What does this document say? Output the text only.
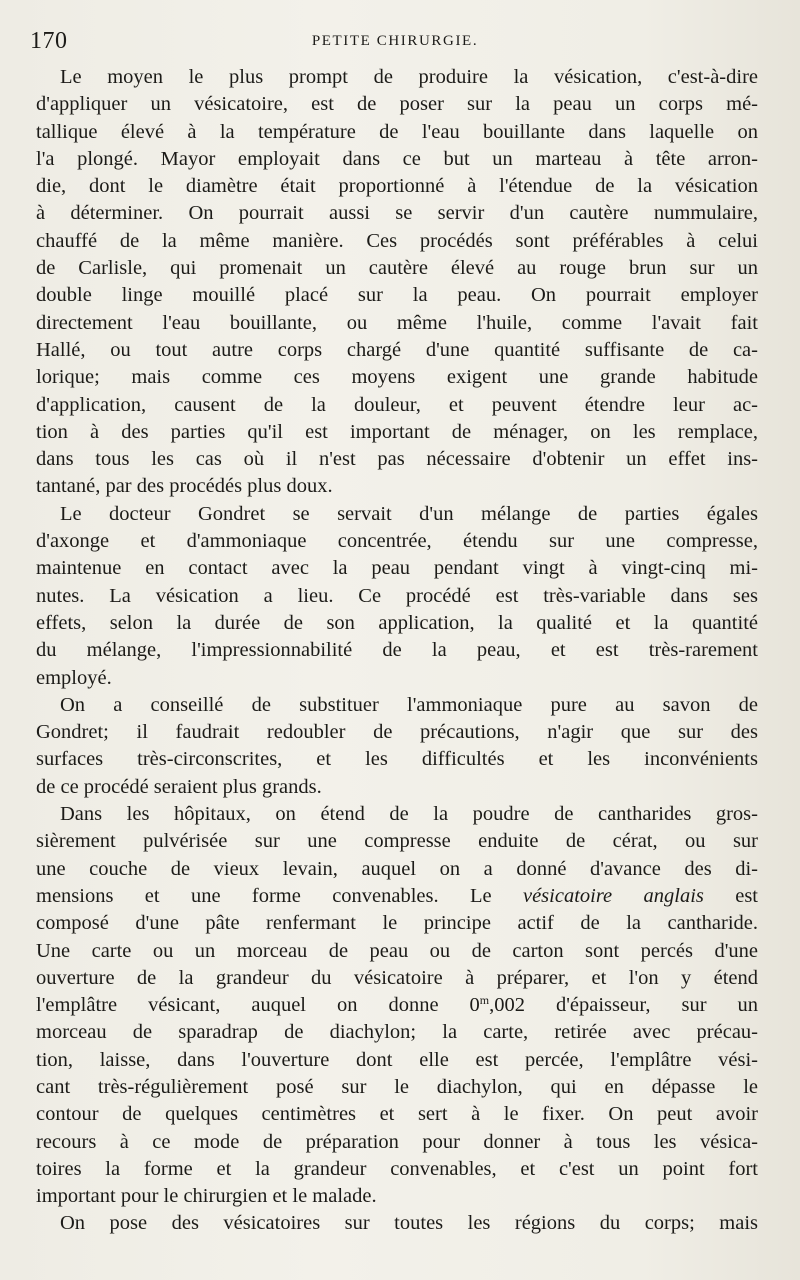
170	PETITE CHIRURGIE.
Le moyen le plus prompt de produire la vésication, c'est-à-dire
d'appliquer un vésicatoire, est de poser sur la peau un corps mé-
tallique élevé à la température de l'eau bouillante dans laquelle on
l'a plongé. Mayor employait dans ce but un marteau à tête arron-
die, dont le diamètre était proportionné à l'étendue de la vésication
à déterminer. On pourrait aussi se servir d'un cautère nummulaire,
chauffé de la même manière. Ces procédés sont préférables à celui
de Carlisle, qui promenait un cautère élevé au rouge brun sur un
double linge mouillé placé sur la peau. On pourrait employer
directement l'eau bouillante, ou même l'huile, comme l'avait fait
Hallé, ou tout autre corps chargé d'une quantité suffisante de ca-
lorique; mais comme ces moyens exigent une grande habitude
d'application, causent de la douleur, et peuvent étendre leur ac-
tion à des parties qu'il est important de ménager, on les remplace,
dans tous les cas où il n'est pas nécessaire d'obtenir un effet ins-
tantané, par des procédés plus doux.
Le docteur Gondret se servait d'un mélange de parties égales
d'axonge et d'ammoniaque concentrée, étendu sur une compresse,
maintenue en contact avec la peau pendant vingt à vingt-cinq mi-
nutes. La vésication a lieu. Ce procédé est très-variable dans ses
effets, selon la durée de son application, la qualité et la quantité
du mélange, l'impressionnabilité de la peau, et est très-rarement
employé.
On a conseillé de substituer l'ammoniaque pure au savon de
Gondret; il faudrait redoubler de précautions, n'agir que sur des
surfaces très-circonscrites, et les difficultés et les inconvénients
de ce procédé seraient plus grands.
Dans les hôpitaux, on étend de la poudre de cantharides gros-
sièrement pulvérisée sur une compresse enduite de cérat, ou sur
une couche de vieux levain, auquel on a donné d'avance des di-
mensions et une forme convenables. Le vésicatoire anglais est
composé d'une pâte renfermant le principe actif de la cantharide.
Une carte ou un morceau de peau ou de carton sont percés d'une
ouverture de la grandeur du vésicatoire à préparer, et l'on y étend
l'emplâtre vésicant, auquel on donne 0$^m$,002 d'épaisseur, sur un
morceau de sparadrap de diachylon; la carte, retirée avec précau-
tion, laisse, dans l'ouverture dont elle est percée, l'emplâtre vési-
cant très-régulièrement posé sur le diachylon, qui en dépasse le
contour de quelques centimètres et sert à le fixer. On peut avoir
recours à ce mode de préparation pour donner à tous les vésica-
toires la forme et la grandeur convenables, et c'est un point fort
important pour le chirurgien et le malade.
On pose des vésicatoires sur toutes les régions du corps; mais
